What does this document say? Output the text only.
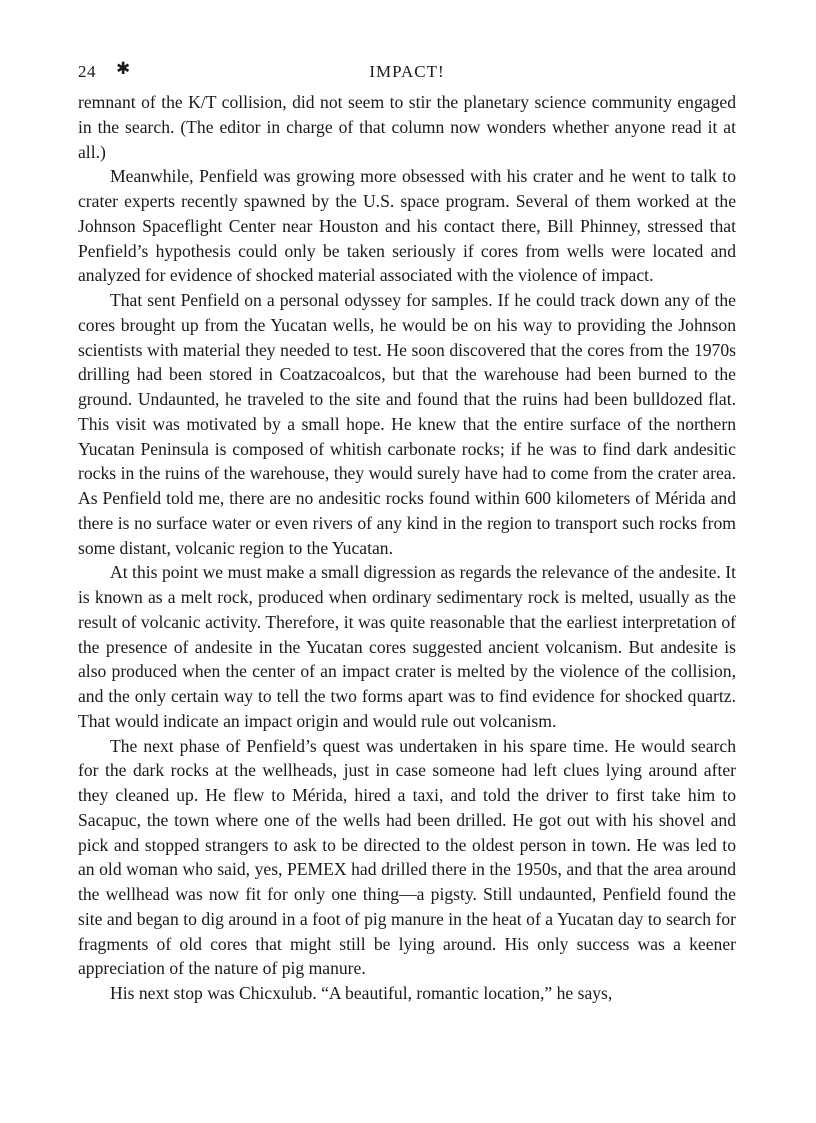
24 ✱	IMPACT!

remnant of the K/T collision, did not seem to stir the planetary science community engaged in the search. (The editor in charge of that column now wonders whether anyone read it at all.)

Meanwhile, Penfield was growing more obsessed with his crater and he went to talk to crater experts recently spawned by the U.S. space program. Several of them worked at the Johnson Spaceflight Center near Houston and his contact there, Bill Phinney, stressed that Penfield’s hypothesis could only be taken seriously if cores from wells were located and analyzed for evidence of shocked material associated with the violence of impact.

That sent Penfield on a personal odyssey for samples. If he could track down any of the cores brought up from the Yucatan wells, he would be on his way to providing the Johnson scientists with material they needed to test. He soon discovered that the cores from the 1970s drilling had been stored in Coatzacoalcos, but that the warehouse had been burned to the ground. Undaunted, he traveled to the site and found that the ruins had been bulldozed flat. This visit was motivated by a small hope. He knew that the entire surface of the northern Yucatan Peninsula is composed of whitish carbonate rocks; if he was to find dark andesitic rocks in the ruins of the warehouse, they would surely have had to come from the crater area. As Penfield told me, there are no andesitic rocks found within 600 kilometers of Mérida and there is no surface water or even rivers of any kind in the region to transport such rocks from some distant, volcanic region to the Yucatan.

At this point we must make a small digression as regards the relevance of the andesite. It is known as a melt rock, produced when ordinary sedimentary rock is melted, usually as the result of volcanic activity. Therefore, it was quite reasonable that the earliest interpretation of the presence of andesite in the Yucatan cores suggested ancient volcanism. But andesite is also produced when the center of an impact crater is melted by the violence of the collision, and the only certain way to tell the two forms apart was to find evidence for shocked quartz. That would indicate an impact origin and would rule out volcanism.

The next phase of Penfield’s quest was undertaken in his spare time. He would search for the dark rocks at the wellheads, just in case someone had left clues lying around after they cleaned up. He flew to Mérida, hired a taxi, and told the driver to first take him to Sacapuc, the town where one of the wells had been drilled. He got out with his shovel and pick and stopped strangers to ask to be directed to the oldest person in town. He was led to an old woman who said, yes, PEMEX had drilled there in the 1950s, and that the area around the wellhead was now fit for only one thing—a pigsty. Still undaunted, Penfield found the site and began to dig around in a foot of pig manure in the heat of a Yucatan day to search for fragments of old cores that might still be lying around. His only success was a keener appreciation of the nature of pig manure.

His next stop was Chicxulub. “A beautiful, romantic location,” he says,
